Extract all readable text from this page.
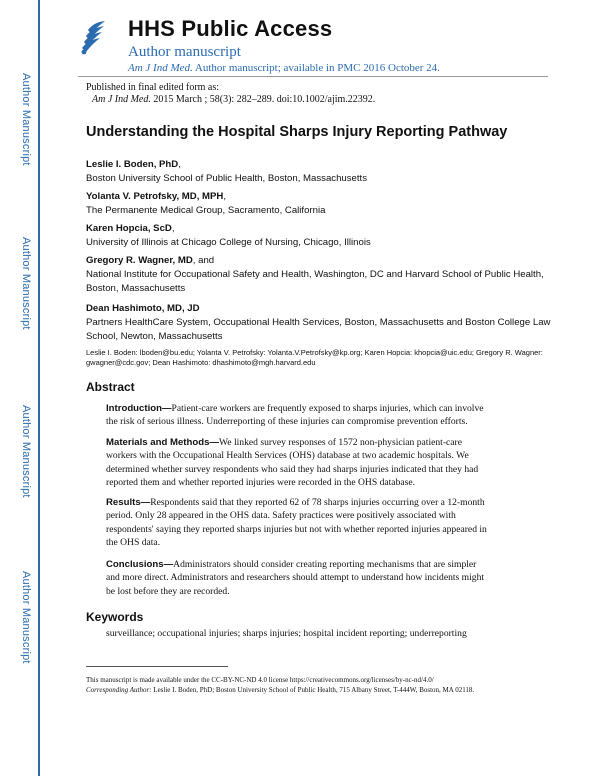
Author Manuscript
Author Manuscript
Author Manuscript
Author Manuscript
HHS Public Access
Author manuscript
Am J Ind Med. Author manuscript; available in PMC 2016 October 24.
Published in final edited form as:
Am J Ind Med. 2015 March ; 58(3): 282–289. doi:10.1002/ajim.22392.
Understanding the Hospital Sharps Injury Reporting Pathway
Leslie I. Boden, PhD,
Boston University School of Public Health, Boston, Massachusetts
Yolanta V. Petrofsky, MD, MPH,
The Permanente Medical Group, Sacramento, California
Karen Hopcia, ScD,
University of Illinois at Chicago College of Nursing, Chicago, Illinois
Gregory R. Wagner, MD, and
National Institute for Occupational Safety and Health, Washington, DC and Harvard School of Public Health, Boston, Massachusetts
Dean Hashimoto, MD, JD
Partners HealthCare System, Occupational Health Services, Boston, Massachusetts and Boston College Law School, Newton, Massachusetts
Leslie I. Boden: lboden@bu.edu; Yolanta V. Petrofsky: Yolanta.V.Petrofsky@kp.org; Karen Hopcia: khopcia@uic.edu; Gregory R. Wagner: gwagner@cdc.gov; Dean Hashimoto: dhashimoto@mgh.harvard.edu
Abstract
Introduction—Patient-care workers are frequently exposed to sharps injuries, which can involve the risk of serious illness. Underreporting of these injuries can compromise prevention efforts.
Materials and Methods—We linked survey responses of 1572 non-physician patient-care workers with the Occupational Health Services (OHS) database at two academic hospitals. We determined whether survey respondents who said they had sharps injuries indicated that they had reported them and whether reported injuries were recorded in the OHS database.
Results—Respondents said that they reported 62 of 78 sharps injuries occurring over a 12-month period. Only 28 appeared in the OHS data. Safety practices were positively associated with respondents' saying they reported sharps injuries but not with whether reported injuries appeared in the OHS data.
Conclusions—Administrators should consider creating reporting mechanisms that are simpler and more direct. Administrators and researchers should attempt to understand how incidents might be lost before they are recorded.
Keywords
surveillance; occupational injuries; sharps injuries; hospital incident reporting; underreporting
This manuscript is made available under the CC-BY-NC-ND 4.0 license https://creativecommons.org/licenses/by-nc-nd/4.0/
Corresponding Author: Leslie I. Boden, PhD; Boston University School of Public Health, 715 Albany Street, T-444W, Boston, MA 02118.
